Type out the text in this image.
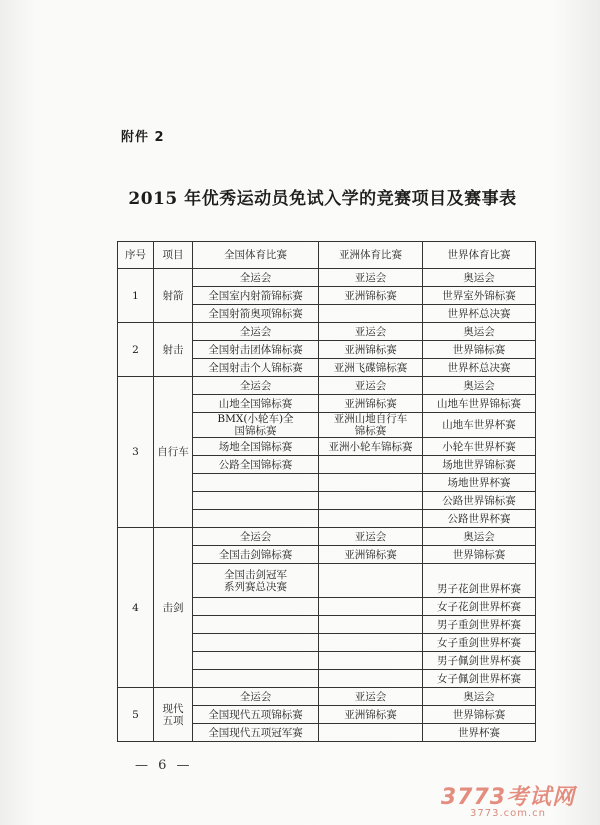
附件 2
2015 年优秀运动员免试入学的竞赛项目及赛事表
序号	项目	全国体育比赛	亚洲体育比赛	世界体育比赛
1	射箭	全运会	亚运会	奥运会
		全国室内射箭锦标赛	亚洲锦标赛	世界室外锦标赛
		全国射箭奥项锦标赛		世界杯总决赛
2	射击	全运会	亚运会	奥运会
		全国射击团体锦标赛	亚洲锦标赛	世界锦标赛
		全国射击个人锦标赛	亚洲飞碟锦标赛	世界杯总决赛
3	自行车	全运会	亚运会	奥运会
		山地全国锦标赛	亚洲锦标赛	山地车世界锦标赛
		BMX(小轮车)全国锦标赛	亚洲山地自行车锦标赛	山地车世界杯赛
		场地全国锦标赛	亚洲小轮车锦标赛	小轮车世界杯赛
		公路全国锦标赛		场地世界锦标赛
				场地世界杯赛
				公路世界锦标赛
				公路世界杯赛
4	击剑	全运会	亚运会	奥运会
		全国击剑锦标赛	亚洲锦标赛	世界锦标赛
		全国击剑冠军系列赛总决赛		男子花剑世界杯赛
				女子花剑世界杯赛
				男子重剑世界杯赛
				女子重剑世界杯赛
				男子佩剑世界杯赛
				女子佩剑世界杯赛
5	现代五项	全运会	亚运会	奥运会
		全国现代五项锦标赛	亚洲锦标赛	世界锦标赛
		全国现代五项冠军赛		世界杯赛
— 6 —
3773考试网
3773.com.cn
